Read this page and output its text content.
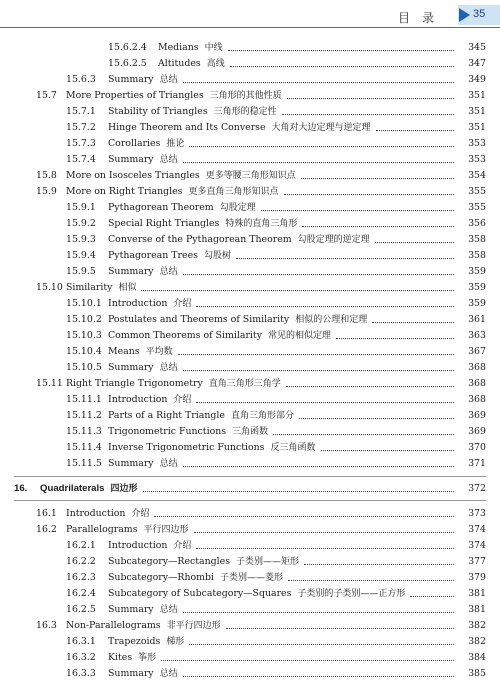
目录 35
15.6.2.4 Medians 中线	345
15.6.2.5 Altitudes 高线	347
15.6.3 Summary 总结	349
15.7 More Properties of Triangles 三角形的其他性质	351
15.7.1 Stability of Triangles 三角形的稳定性	351
15.7.2 Hinge Theorem and Its Converse 大角对大边定理与逆定理	351
15.7.3 Corollaries 推论	353
15.7.4 Summary 总结	353
15.8 More on Isosceles Triangles 更多等腰三角形知识点	354
15.9 More on Right Triangles 更多直角三角形知识点	355
15.9.1 Pythagorean Theorem 勾股定理	355
15.9.2 Special Right Triangles 特殊的直角三角形	356
15.9.3 Converse of the Pythagorean Theorem 勾股定理的逆定理	358
15.9.4 Pythagorean Trees 勾股树	358
15.9.5 Summary 总结	359
15.10 Similarity 相似	359
15.10.1 Introduction 介绍	359
15.10.2 Postulates and Theorems of Similarity 相似的公理和定理	361
15.10.3 Common Theorems of Similarity 常见的相似定理	363
15.10.4 Means 平均数	367
15.10.5 Summary 总结	368
15.11 Right Triangle Trigonometry 直角三角形三角学	368
15.11.1 Introduction 介绍	368
15.11.2 Parts of a Right Triangle 直角三角形部分	369
15.11.3 Trigonometric Functions 三角函数	369
15.11.4 Inverse Trigonometric Functions 反三角函数	370
15.11.5 Summary 总结	371
16. Quadrilaterals 四边形	372
16.1 Introduction 介绍	373
16.2 Parallelograms 平行四边形	374
16.2.1 Introduction 介绍	374
16.2.2 Subcategory—Rectangles 子类别——矩形	377
16.2.3 Subcategory—Rhombi 子类别——菱形	379
16.2.4 Subcategory of Subcategory—Squares 子类别的子类别——正方形	381
16.2.5 Summary 总结	381
16.3 Non-Parallelograms 非平行四边形	382
16.3.1 Trapezoids 梯形	382
16.3.2 Kites 筝形	384
16.3.3 Summary 总结	385
